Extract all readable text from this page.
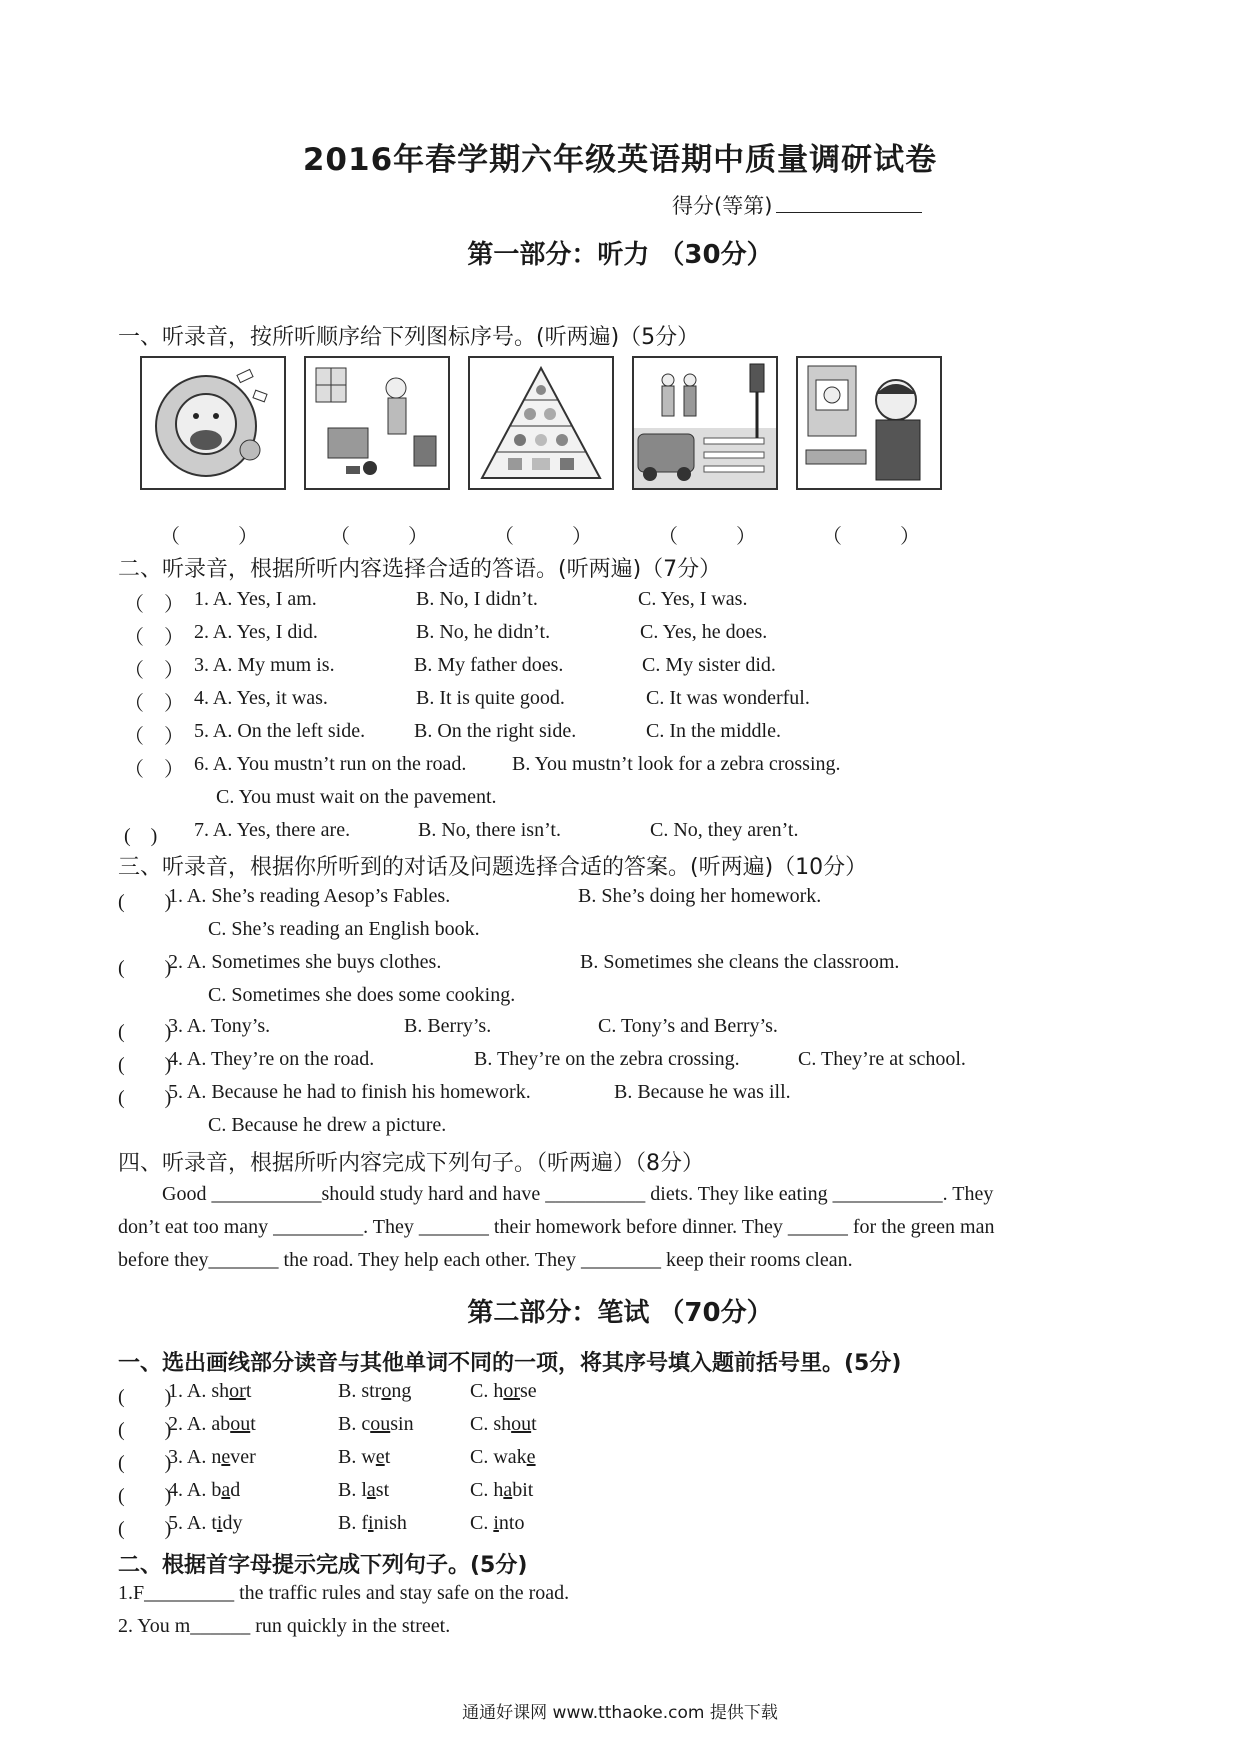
2016年春学期六年级英语期中质量调研试卷
得分(等第)
第一部分：听力 （30分）
一、听录音，按所听顺序给下列图标序号。(听两遍)（5分）
（	）	（	）	（	）	（	）	（	）
二、听录音，根据所听内容选择合适的答语。(听两遍)（7分）
（　） 1. A. Yes, I am.	B. No, I didn’t.	C. Yes, I was.
（　） 2. A. Yes, I did.	B. No, he didn’t.	C. Yes, he does.
（　） 3. A. My mum is.	B. My father does.	C. My sister did.
（　） 4. A. Yes, it was.	B. It is quite good.	C. It was wonderful.
（　） 5. A. On the left side. B. On the right side.	C. In the middle.
（　） 6. A. You mustn’t run on the road. B. You mustn’t look for a zebra crossing.
C. You must wait on the pavement.
(　) 7. A. Yes, there are.	B. No, there isn’t.	C. No, they aren’t.
三、听录音，根据你所听到的对话及问题选择合适的答案。(听两遍)（10分）
(　　)
1. A. She’s reading Aesop’s Fables.	B. She’s doing her homework.
C. She’s reading an English book.
(　　)
2. A. Sometimes she buys clothes.	B. Sometimes she cleans the classroom.
C. Sometimes she does some cooking.
(　　)
3. A. Tony’s.	B. Berry’s.	C. Tony’s and Berry’s.
(　　)
4. A. They’re on the road.	B. They’re on the zebra crossing.	C. They’re at school.
(　　)
5. A. Because he had to finish his homework.	B. Because he was ill.
C. Because he drew a picture.
四、听录音，根据所听内容完成下列句子。（听两遍）（8分）
Good ___________should study hard and have __________ diets. They like eating ___________. They
don’t eat too many _________. They _______ their homework before dinner. They ______ for the green man
before they_______ the road. They help each other. They ________ keep their rooms clean.
第二部分：笔试 （70分）
一、选出画线部分读音与其他单词不同的一项，将其序号填入题前括号里。(5分)
(　　)
1. A. short	B. strong	C. horse
(　　)
2. A. about	B. cousin	C. shout
(　　)
3. A. never	B. wet	C. wake
(　　)
4. A. bad	B. last	C. habit
(　　)
5. A. tidy	B. finish	C. into
二、根据首字母提示完成下列句子。(5分)
1.F_________ the traffic rules and stay safe on the road.
2. You m______ run quickly in the street.
通通好课网 www.tthaoke.com 提供下载
